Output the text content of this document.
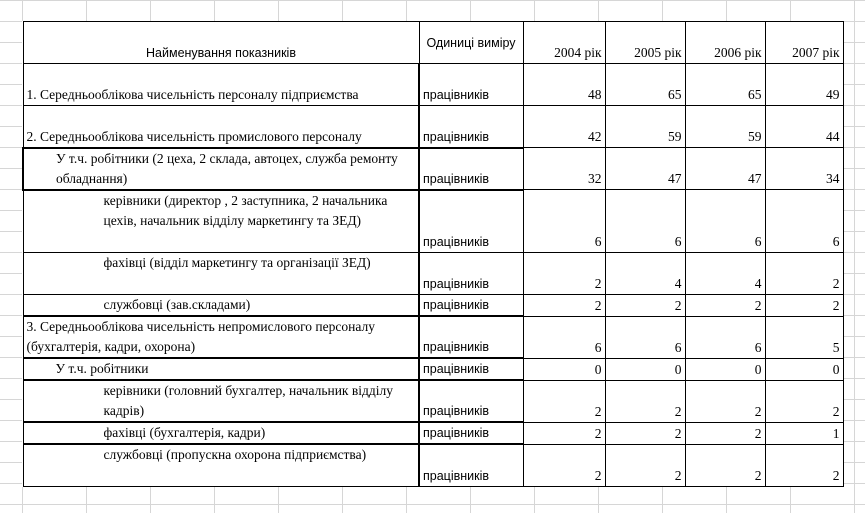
Найменування показників	Одиниці виміру	2004 рік	2005 рік	2006 рік	2007 рік
1. Середньооблікова чисельність персоналу підприємства	працівників	48	65	65	49
2. Середньооблікова чисельність промислового персоналу	працівників	42	59	59	44
У т.ч. робітники (2 цеха, 2 склада, автоцех, служба ремонту обладнання)	працівників	32	47	47	34
керівники (директор , 2 заступника, 2 начальника цехів, начальник відділу маркетингу та ЗЕД)	працівників	6	6	6	6
фахівці (відділ маркетингу та організації ЗЕД)	працівників	2	4	4	2
службовці (зав.складами)	працівників	2	2	2	2
3. Середньооблікова чисельність непромислового персоналу (бухгалтерія, кадри, охорона)	працівників	6	6	6	5
У т.ч. робітники	працівників	0	0	0	0

керівники (головний бухгалтер, начальник відділу кадрів)	працівників	2	2	2	2
фахівці (бухгалтерія, кадри)	працівників	2	2	2	1
службовці (пропускна охорона підприємства)	працівників	2	2	2	2
